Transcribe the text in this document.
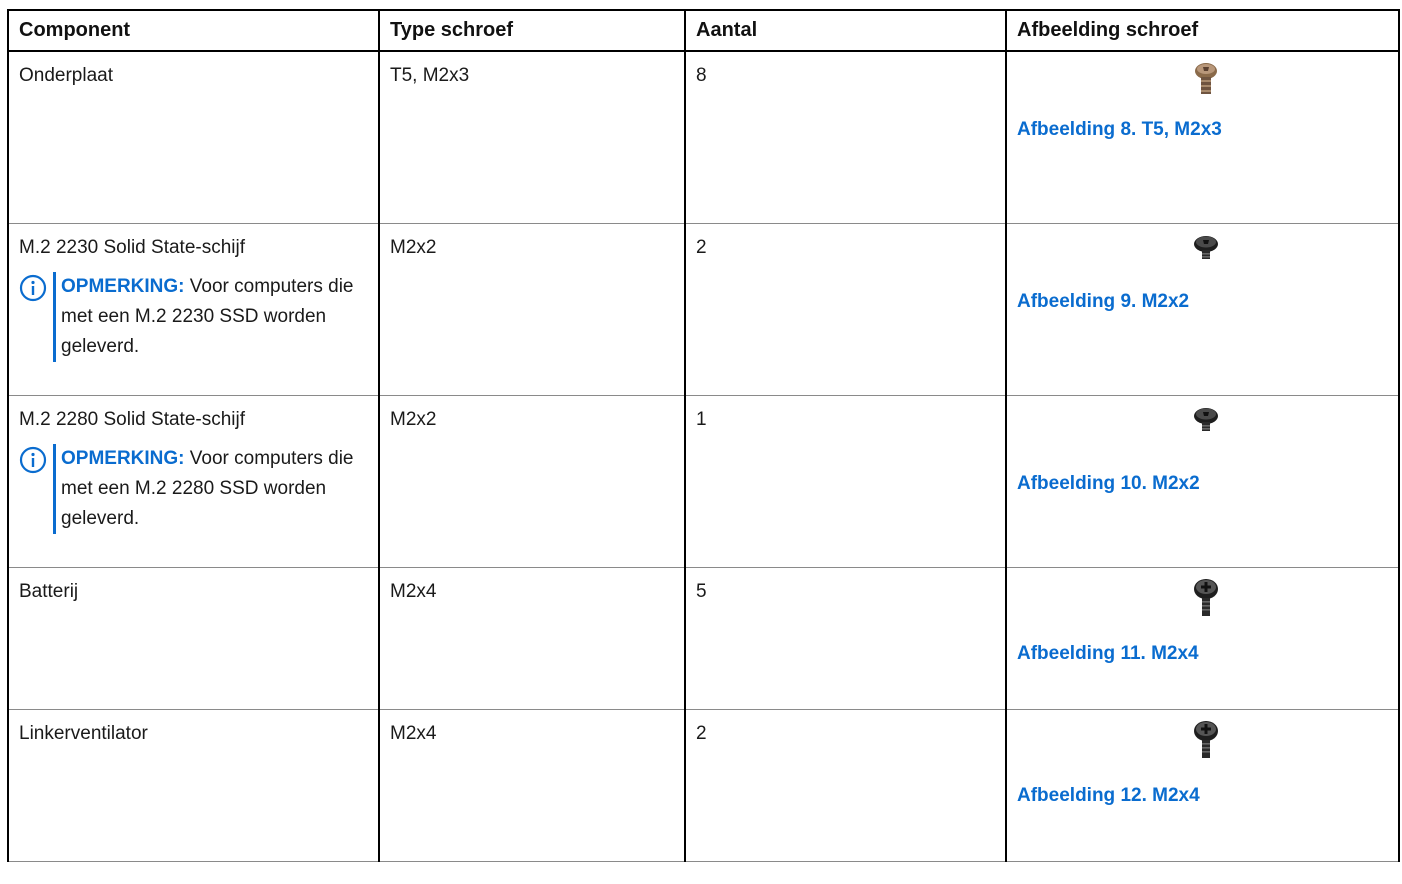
Component	Type schroef	Aantal	Afbeelding schroef
Onderplaat	T5, M2x3	8	Afbeelding 8. T5, M2x3

M.2 2230 Solid State-schijf
OPMERKING: Voor computers die met een M.2 2230 SSD worden geleverd.	M2x2	2	Afbeelding 9. M2x2

M.2 2280 Solid State-schijf
OPMERKING: Voor computers die met een M.2 2280 SSD worden geleverd.	M2x2	1	Afbeelding 10. M2x2

Batterij	M2x4	5	Afbeelding 11. M2x4

Linkerventilator	M2x4	2	Afbeelding 12. M2x4
